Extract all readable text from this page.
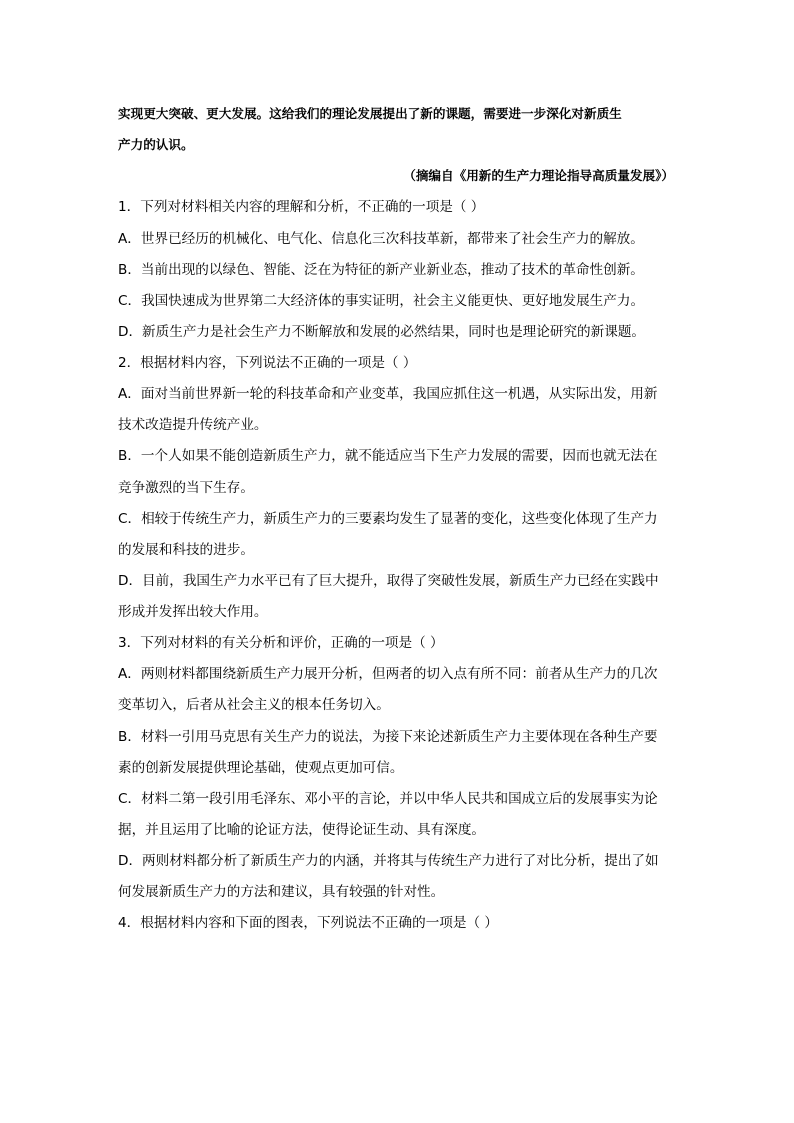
实现更大突破、更大发展。这给我们的理论发展提出了新的课题，需要进一步深化对新质生
产力的认识。
（摘编自《用新的生产力理论指导高质量发展》）
1．下列对材料相关内容的理解和分析，不正确的一项是（ ）
A．世界已经历的机械化、电气化、信息化三次科技革新，都带来了社会生产力的解放。
B．当前出现的以绿色、智能、泛在为特征的新产业新业态，推动了技术的革命性创新。
C．我国快速成为世界第二大经济体的事实证明，社会主义能更快、更好地发展生产力。
D．新质生产力是社会生产力不断解放和发展的必然结果，同时也是理论研究的新课题。
2．根据材料内容，下列说法不正确的一项是（ ）
A．面对当前世界新一轮的科技革命和产业变革，我国应抓住这一机遇，从实际出发，用新
技术改造提升传统产业。
B．一个人如果不能创造新质生产力，就不能适应当下生产力发展的需要，因而也就无法在
竞争激烈的当下生存。
C．相较于传统生产力，新质生产力的三要素均发生了显著的变化，这些变化体现了生产力
的发展和科技的进步。
D．目前，我国生产力水平已有了巨大提升，取得了突破性发展，新质生产力已经在实践中
形成并发挥出较大作用。
3．下列对材料的有关分析和评价，正确的一项是（ ）
A．两则材料都围绕新质生产力展开分析，但两者的切入点有所不同：前者从生产力的几次
变革切入，后者从社会主义的根本任务切入。
B．材料一引用马克思有关生产力的说法，为接下来论述新质生产力主要体现在各种生产要
素的创新发展提供理论基础，使观点更加可信。
C．材料二第一段引用毛泽东、邓小平的言论，并以中华人民共和国成立后的发展事实为论
据，并且运用了比喻的论证方法，使得论证生动、具有深度。
D．两则材料都分析了新质生产力的内涵，并将其与传统生产力进行了对比分析，提出了如
何发展新质生产力的方法和建议，具有较强的针对性。
4．根据材料内容和下面的图表，下列说法不正确的一项是（ ）
